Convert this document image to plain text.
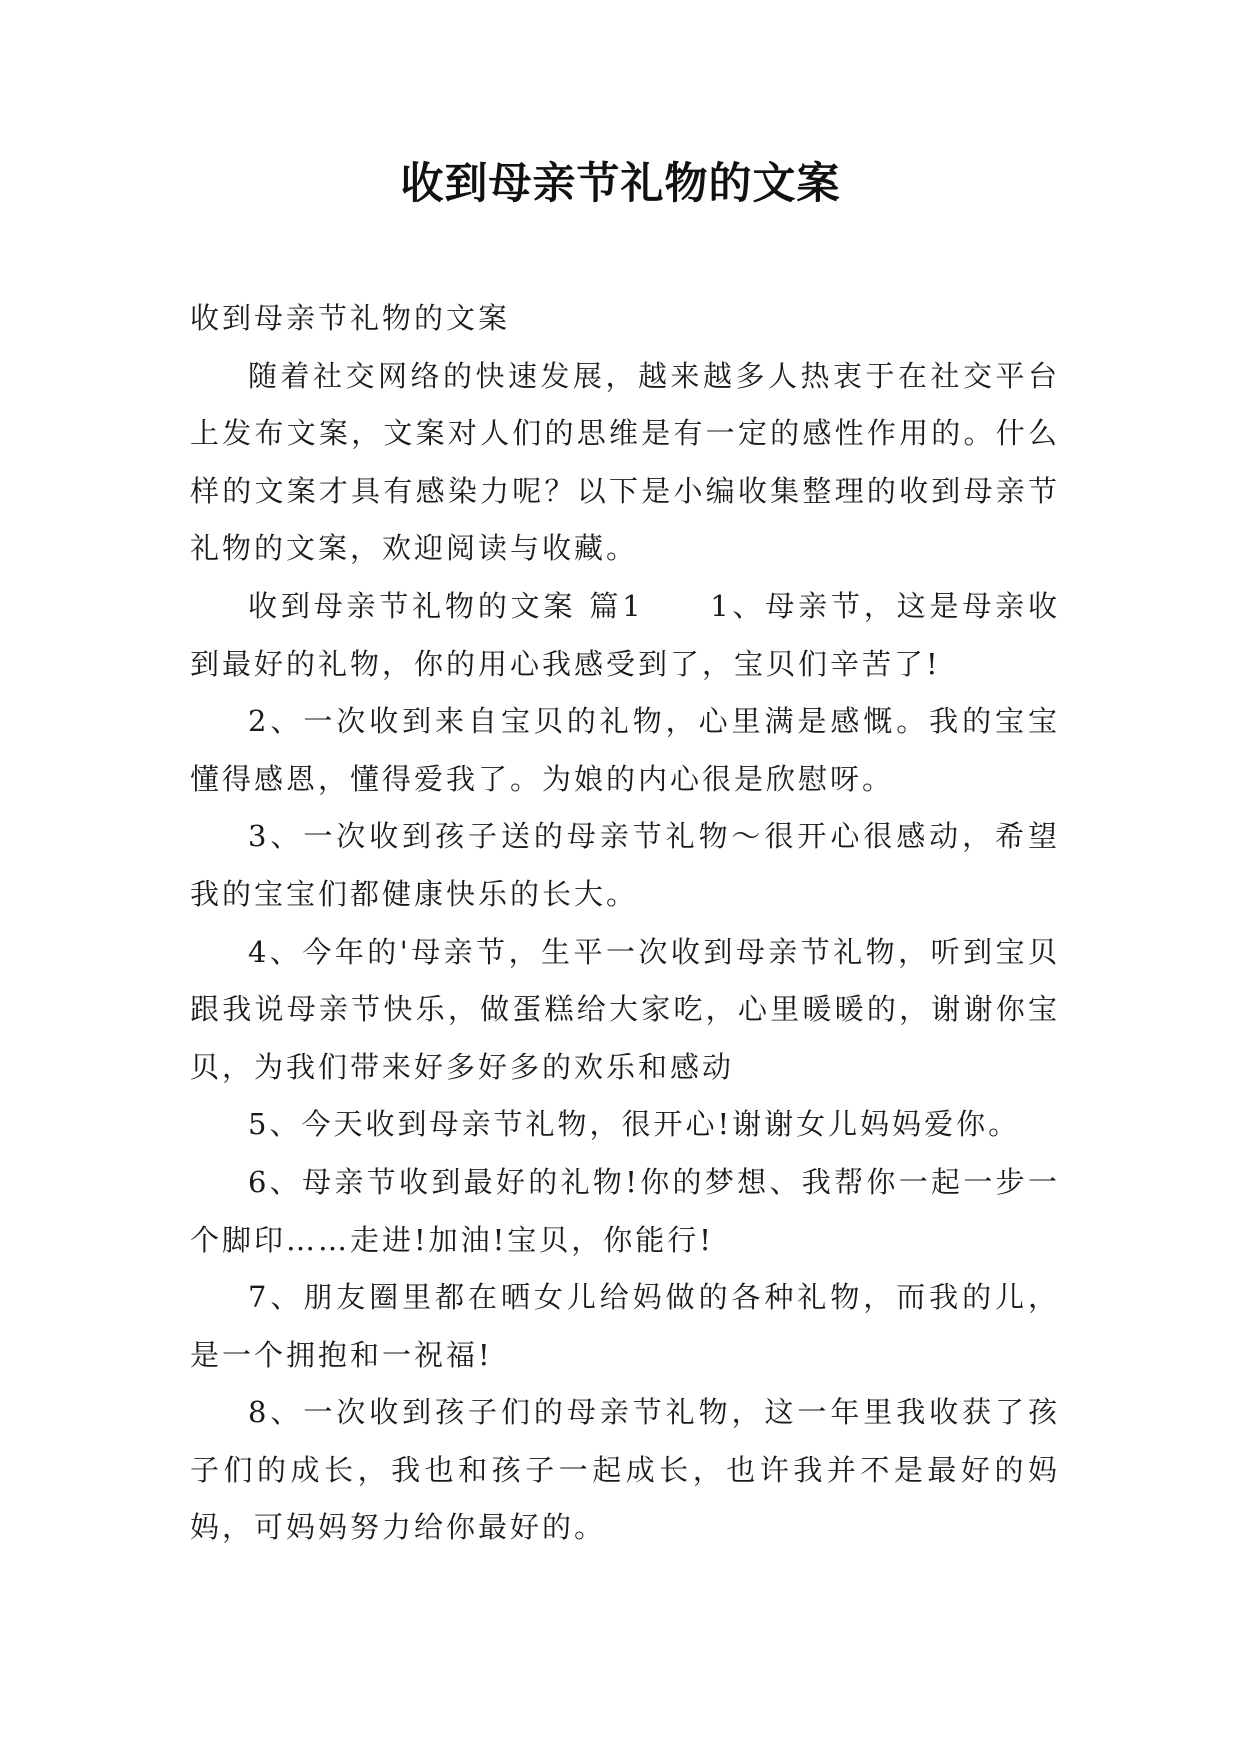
收到母亲节礼物的文案

收到母亲节礼物的文案

随着社交网络的快速发展，越来越多人热衷于在社交平台上发布文案，文案对人们的思维是有一定的感性作用的。什么样的文案才具有感染力呢？以下是小编收集整理的收到母亲节礼物的文案，欢迎阅读与收藏。

收到母亲节礼物的文案 篇1　　1、母亲节，这是母亲收到最好的礼物，你的用心我感受到了，宝贝们辛苦了!

2、一次收到来自宝贝的礼物，心里满是感慨。我的宝宝懂得感恩，懂得爱我了。为娘的内心很是欣慰呀。

3、一次收到孩子送的母亲节礼物～很开心很感动，希望我的宝宝们都健康快乐的长大。

4、今年的'母亲节，生平一次收到母亲节礼物，听到宝贝跟我说母亲节快乐，做蛋糕给大家吃，心里暖暖的，谢谢你宝贝，为我们带来好多好多的欢乐和感动

5、今天收到母亲节礼物，很开心!谢谢女儿妈妈爱你。

6、母亲节收到最好的礼物!你的梦想、我帮你一起一步一个脚印……走进!加油!宝贝，你能行!

7、朋友圈里都在晒女儿给妈做的各种礼物，而我的儿，是一个拥抱和一祝福!

8、一次收到孩子们的母亲节礼物，这一年里我收获了孩子们的成长，我也和孩子一起成长，也许我并不是最好的妈妈，可妈妈努力给你最好的。
